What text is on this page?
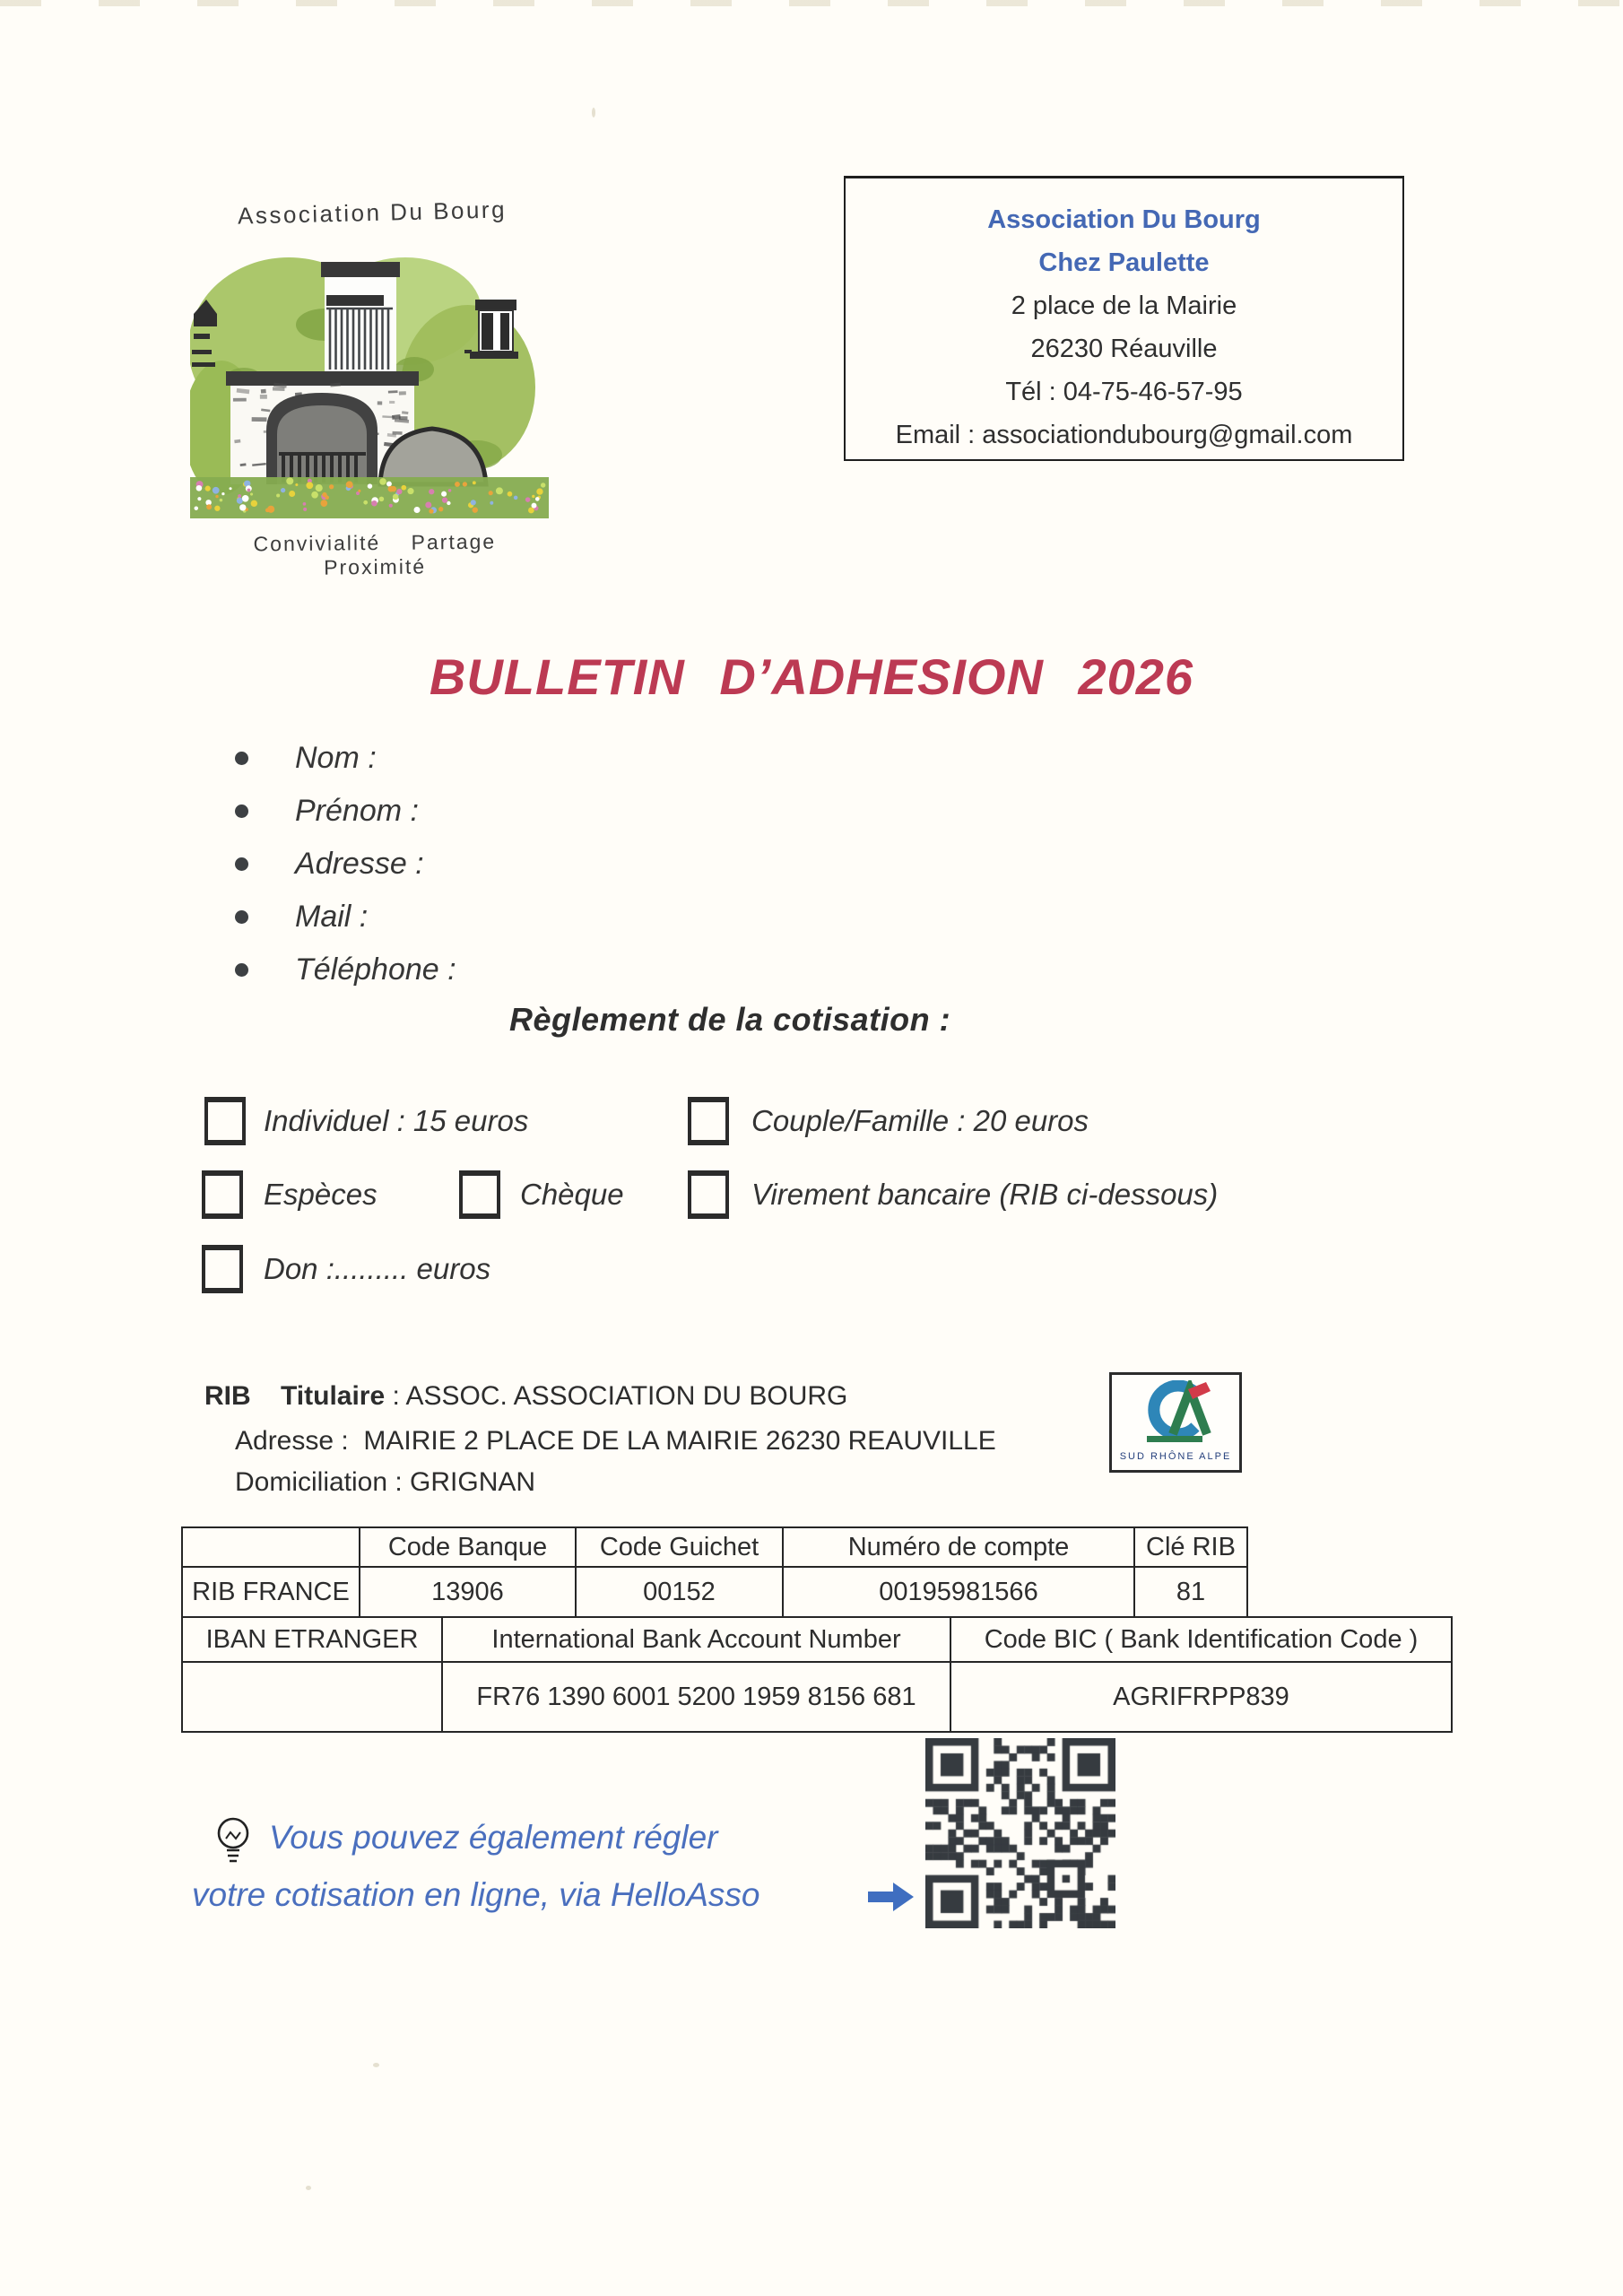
Association Du Bourg
Convivialité Partage Proximité
Association Du Bourg
Chez Paulette
2 place de la Mairie
26230 Réauville
Tél : 04-75-46-57-95
Email : associationdubourg@gmail.com
BULLETIN D’ADHESION 2026
Nom :
Prénom :
Adresse :
Mail :
Téléphone :
Règlement de la cotisation :
Individuel : 15 euros	Couple/Famille : 20 euros
Espèces	Chèque	Virement bancaire (RIB ci-dessous)
Don :......... euros
RIB Titulaire : ASSOC. ASSOCIATION DU BOURG
Adresse :  MAIRIE 2 PLACE DE LA MAIRIE 26230 REAUVILLE
Domiciliation : GRIGNAN
SUD RHÔNE ALPE
	Code Banque	Code Guichet	Numéro de compte	Clé RIB
RIB FRANCE	13906	00152	00195981566	81
IBAN ETRANGER	International Bank Account Number	Code BIC ( Bank Identification Code )
	FR76 1390 6001 5200 1959 8156 681	AGRIFRPP839
Vous pouvez également régler
votre cotisation en ligne, via HelloAsso
